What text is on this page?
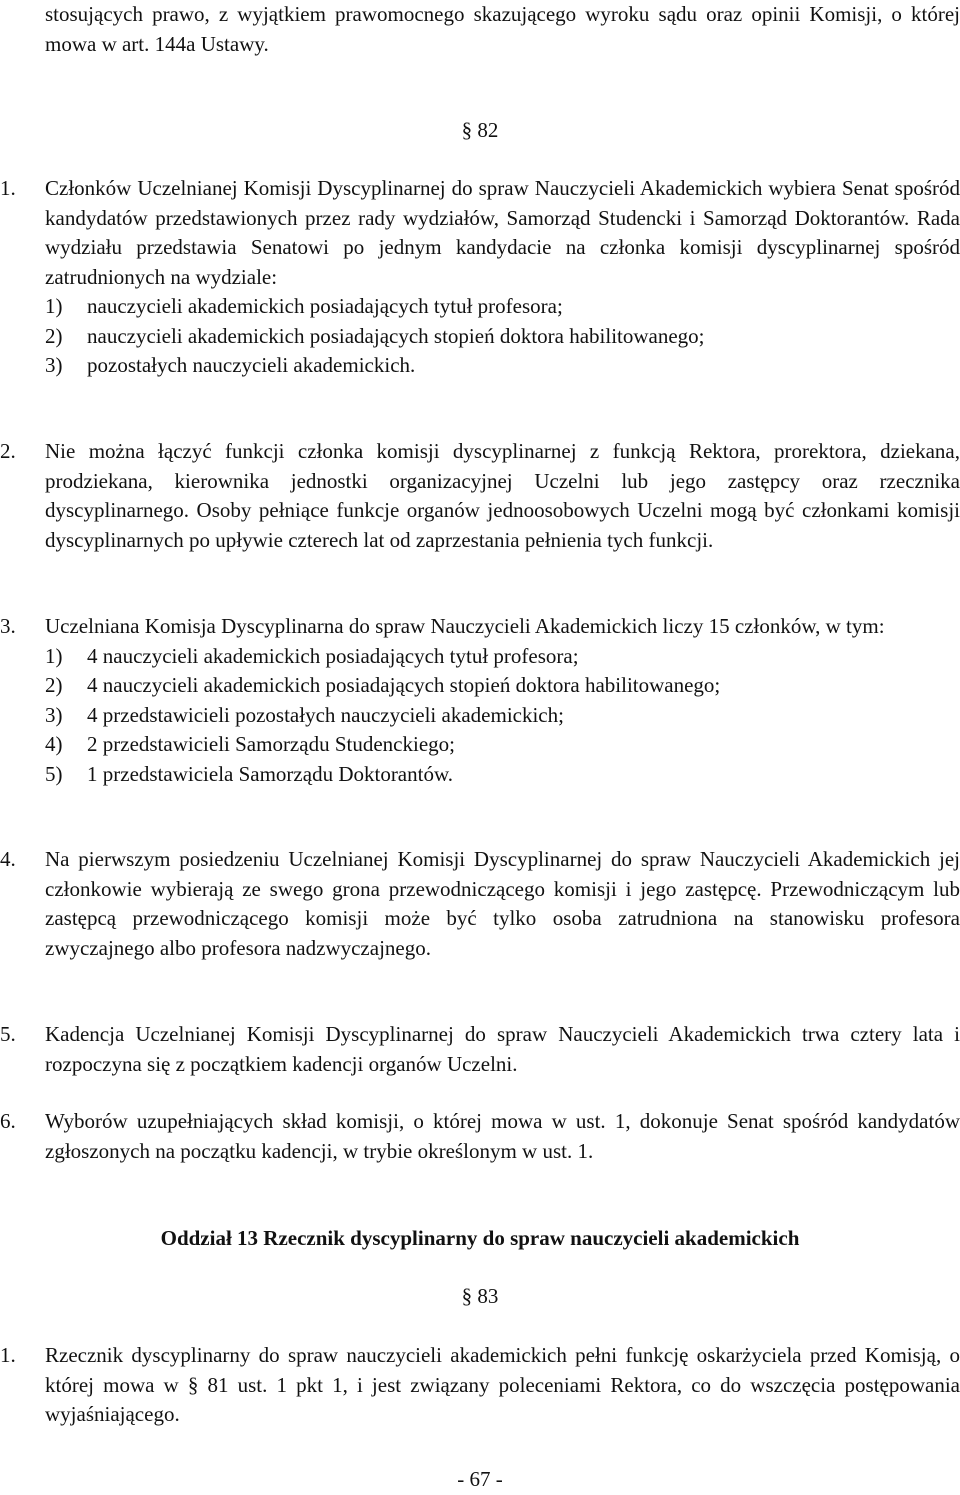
stosujących prawo, z wyjątkiem prawomocnego skazującego wyroku sądu oraz opinii Komisji, o której mowa w art. 144a Ustawy.

§ 82

1. Członków Uczelnianej Komisji Dyscyplinarnej do spraw Nauczycieli Akademickich wybiera Senat spośród kandydatów przedstawionych przez rady wydziałów, Samorząd Studencki i Samorząd Doktorantów. Rada wydziału przedstawia Senatowi po jednym kandydacie na członka komisji dyscyplinarnej spośród zatrudnionych na wydziale:
1)	nauczycieli akademickich posiadających tytuł profesora;
2)	nauczycieli akademickich posiadających stopień doktora habilitowanego;
3)	pozostałych nauczycieli akademickich.
2. Nie można łączyć funkcji członka komisji dyscyplinarnej z funkcją Rektora, prorektora, dziekana, prodziekana, kierownika jednostki organizacyjnej Uczelni lub jego zastępcy oraz rzecznika dyscyplinarnego. Osoby pełniące funkcje organów jednoosobowych Uczelni mogą być członkami komisji dyscyplinarnych po upływie czterech lat od zaprzestania pełnienia tych funkcji.
3. Uczelniana Komisja Dyscyplinarna do spraw Nauczycieli Akademickich liczy 15 członków, w tym:
1)	4 nauczycieli akademickich posiadających tytuł profesora;
2)	4 nauczycieli akademickich posiadających stopień doktora habilitowanego;
3)	4 przedstawicieli pozostałych nauczycieli akademickich;
4)	2 przedstawicieli Samorządu Studenckiego;
5)	1 przedstawiciela Samorządu Doktorantów.
4. Na pierwszym posiedzeniu Uczelnianej Komisji Dyscyplinarnej do spraw Nauczycieli Akademickich jej członkowie wybierają ze swego grona przewodniczącego komisji i jego zastępcę. Przewodniczącym lub zastępcą przewodniczącego komisji może być tylko osoba zatrudniona na stanowisku profesora zwyczajnego albo profesora nadzwyczajnego.
5. Kadencja Uczelnianej Komisji Dyscyplinarnej do spraw Nauczycieli Akademickich trwa cztery lata i rozpoczyna się z początkiem kadencji organów Uczelni.
6. Wyborów uzupełniających skład komisji, o której mowa w ust. 1, dokonuje Senat spośród kandydatów zgłoszonych na początku kadencji, w trybie określonym w ust. 1.
Oddział 13 Rzecznik dyscyplinarny do spraw nauczycieli akademickich

§ 83

1. Rzecznik dyscyplinarny do spraw nauczycieli akademickich pełni funkcję oskarżyciela przed Komisją, o której mowa w § 81 ust. 1 pkt 1, i jest związany poleceniami Rektora, co do wszczęcia postępowania wyjaśniającego.

- 67 -
